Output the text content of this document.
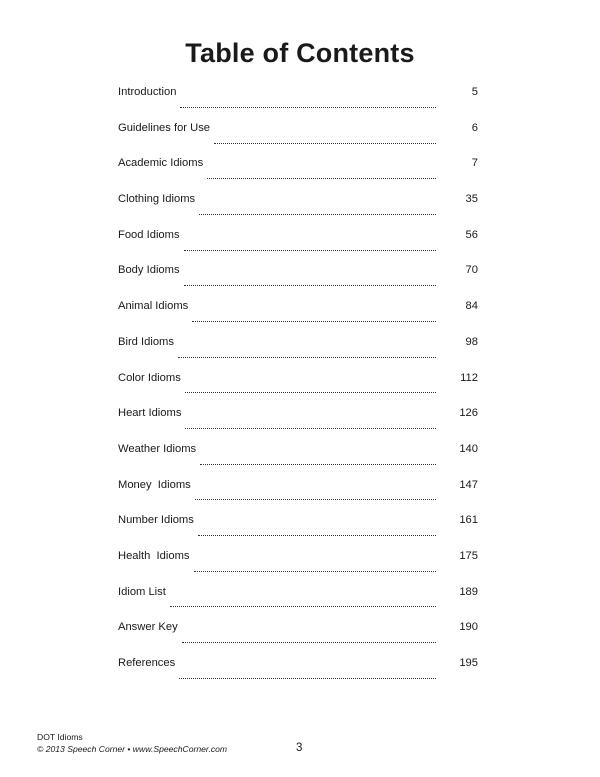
Table of Contents
Introduction	5
Guidelines for Use	6
Academic Idioms	7
Clothing Idioms	35
Food Idioms	56
Body Idioms	70
Animal Idioms	84
Bird Idioms	98
Color Idioms	112
Heart Idioms	126
Weather Idioms	140
Money  Idioms	147
Number Idioms	161
Health  Idioms	175
Idiom List	189
Answer Key	190
References	195
DOT Idioms
© 2013 Speech Corner • www.SpeechCorner.com	3
